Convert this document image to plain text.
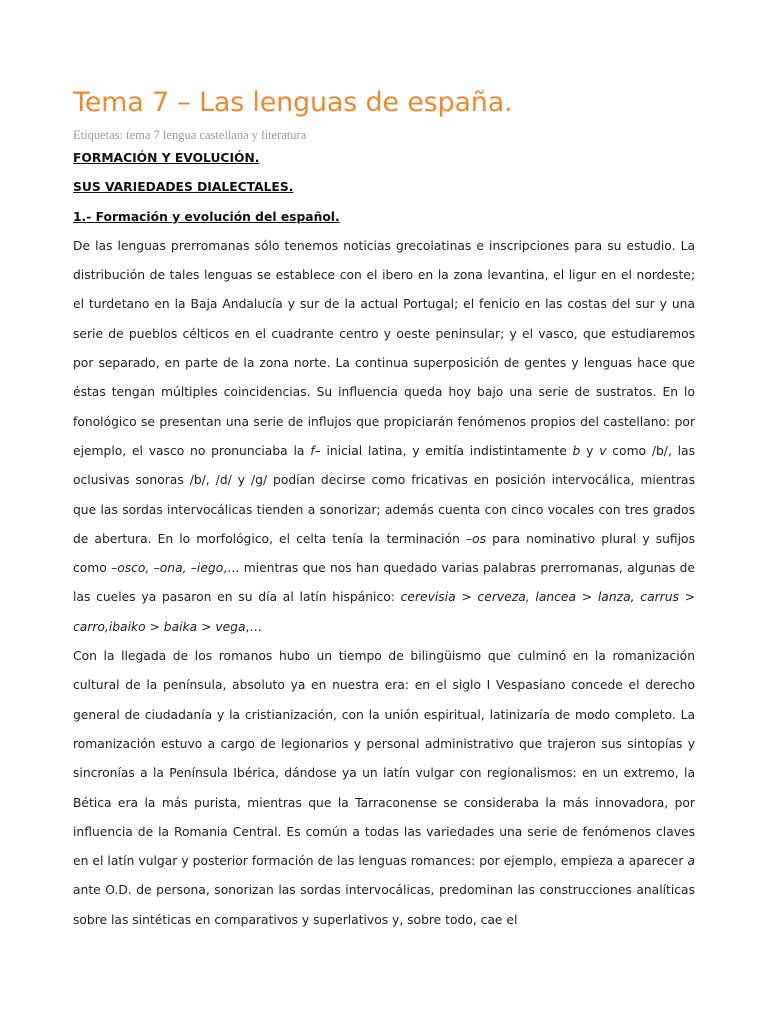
Tema 7 – Las lenguas de españa.
Etiquetas: tema 7 lengua castellana y literatura

FORMACIÓN Y EVOLUCIÓN.

SUS VARIEDADES DIALECTALES.

1.- Formación y evolución del español.

De las lenguas prerromanas sólo tenemos noticias grecolatinas e inscripciones para su estudio. La distribución de tales lenguas se establece con el ibero en la zona levantina, el ligur en el nordeste; el turdetano en la Baja Andalucía y sur de la actual Portugal; el fenicio en las costas del sur y una serie de pueblos célticos en el cuadrante centro y oeste peninsular; y el vasco, que estudiaremos por separado, en parte de la zona norte. La continua superposición de gentes y lenguas hace que éstas tengan múltiples coincidencias. Su influencia queda hoy bajo una serie de sustratos. En lo fonológico se presentan una serie de influjos que propiciarán fenómenos propios del castellano: por ejemplo, el vasco no pronunciaba la f– inicial latina, y emitía indistintamente b y v como /b/, las oclusivas sonoras /b/, /d/ y /g/ podían decirse como fricativas en posición intervocálica, mientras que las sordas intervocálicas tienden a sonorizar; además cuenta con cinco vocales con tres grados de abertura. En lo morfológico, el celta tenía la terminación –os para nominativo plural y sufijos como –osco, –ona, –iego,… mientras que nos han quedado varias palabras prerromanas, algunas de las cueles ya pasaron en su día al latín hispánico: cerevisia > cerveza, lancea > lanza, carrus > carro,ibaiko > baika > vega,…

Con la llegada de los romanos hubo un tiempo de bilingüismo que culminó en la romanización cultural de la península, absoluto ya en nuestra era: en el siglo I Vespasiano concede el derecho general de ciudadanía y la cristianización, con la unión espiritual, latinizaría de modo completo. La romanización estuvo a cargo de legionarios y personal administrativo que trajeron sus sintopías y sincronías a la Península Ibérica, dándose ya un latín vulgar con regionalismos: en un extremo, la Bética era la más purista, mientras que la Tarraconense se consideraba la más innovadora, por influencia de la Romania Central. Es común a todas las variedades una serie de fenómenos claves en el latín vulgar y posterior formación de las lenguas romances: por ejemplo, empieza a aparecer a ante O.D. de persona, sonorizan las sordas intervocálicas, predominan las construcciones analíticas sobre las sintéticas en comparativos y superlativos y, sobre todo, cae el
